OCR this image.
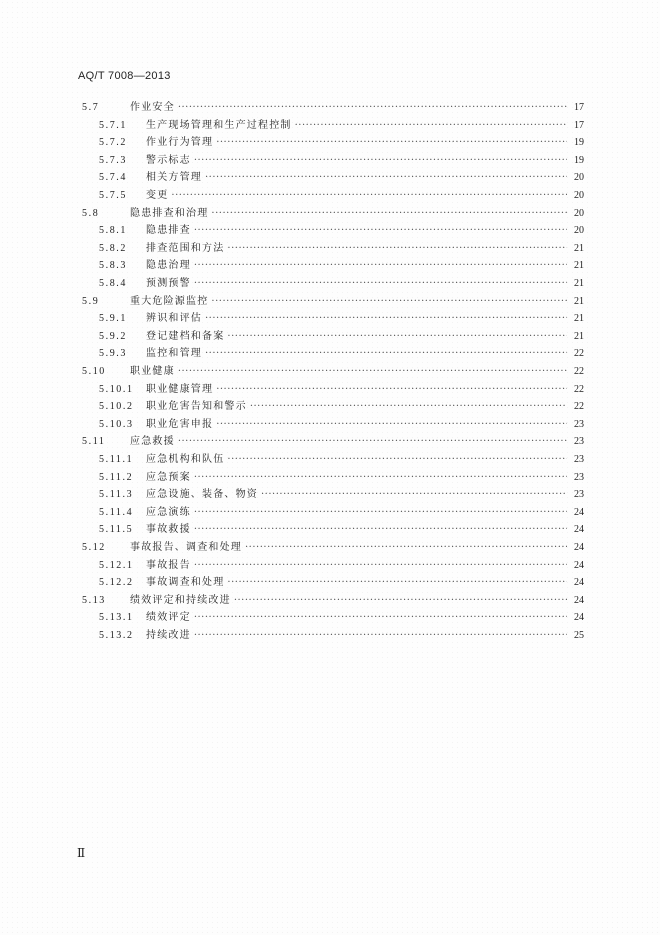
AQ/T 7008—2013
5.7	作业安全 ·····	17
5.7.1	生产现场管理和生产过程控制 ·····	17
5.7.2	作业行为管理 ·····	19
5.7.3	警示标志 ·····	19
5.7.4	相关方管理 ·····	20
5.7.5	变更 ·····	20
5.8	隐患排查和治理 ·····	20
5.8.1	隐患排查 ·····	20
5.8.2	排查范围和方法 ·····	21
5.8.3	隐患治理 ·····	21
5.8.4	预测预警 ·····	21
5.9	重大危险源监控 ·····	21
5.9.1	辨识和评估 ·····	21
5.9.2	登记建档和备案 ·····	21
5.9.3	监控和管理 ·····	22
5.10	职业健康 ·····	22
5.10.1	职业健康管理 ·····	22
5.10.2	职业危害告知和警示 ·····	22
5.10.3	职业危害申报 ·····	23
5.11	应急救援 ·····	23
5.11.1	应急机构和队伍 ·····	23
5.11.2	应急预案 ·····	23
5.11.3	应急设施、装备、物资 ·····	23
5.11.4	应急演练 ·····	24
5.11.5	事故救援 ·····	24
5.12	事故报告、调查和处理 ·····	24
5.12.1	事故报告 ·····	24
5.12.2	事故调查和处理 ·····	24
5.13	绩效评定和持续改进 ·····	24
5.13.1	绩效评定 ·····	24
5.13.2	持续改进 ·····	25
Ⅱ
